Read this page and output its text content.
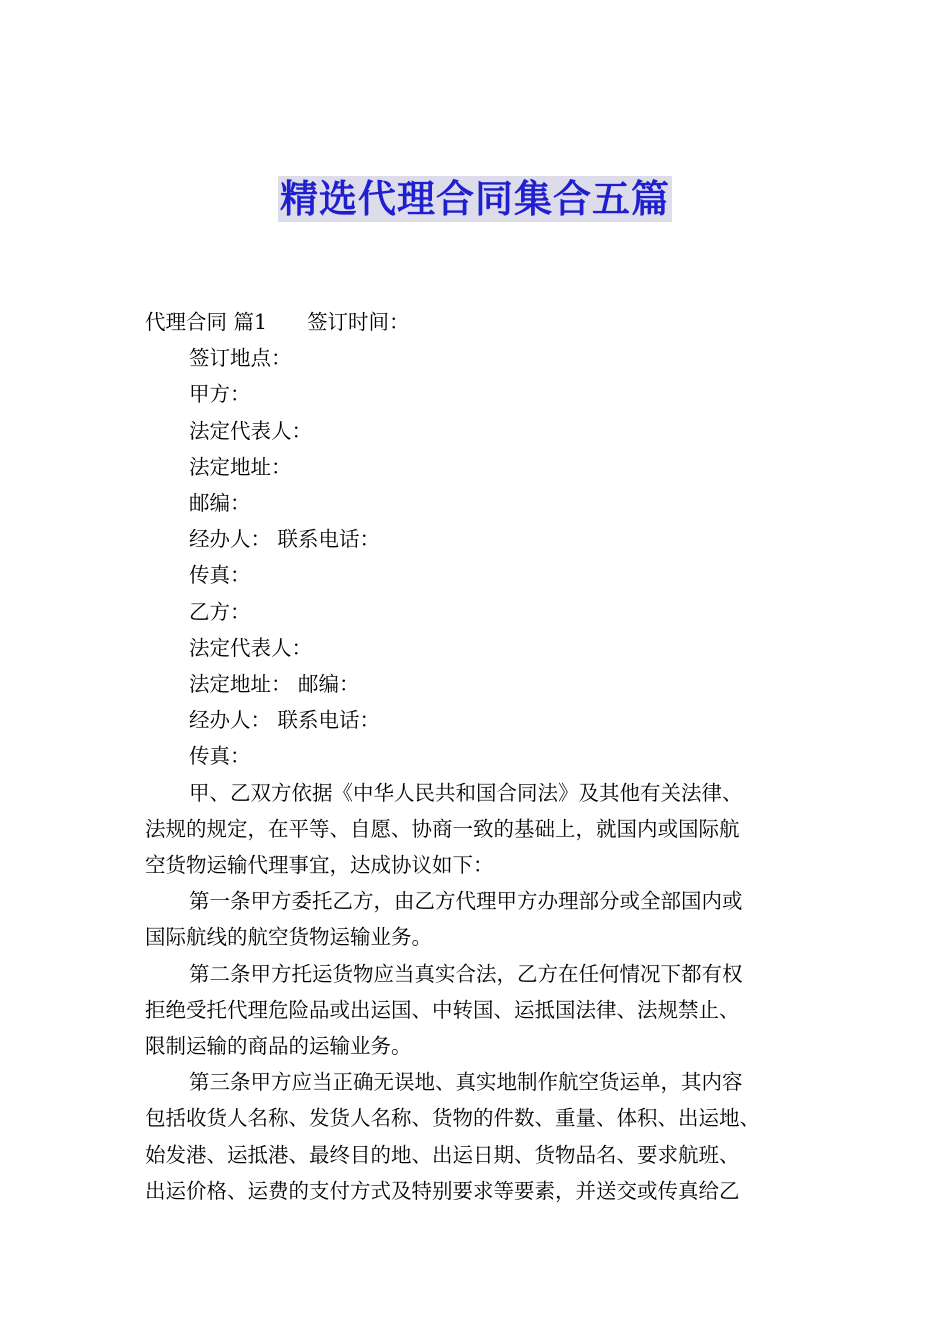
精选代理合同集合五篇

代理合同 篇1 签订时间：

签订地点：

甲方：

法定代表人：

法定地址：

邮编：

经办人： 联系电话：

传真：

乙方：

法定代表人：

法定地址： 邮编：

经办人： 联系电话：

传真：

甲、乙双方依据《中华人民共和国合同法》及其他有关法律、
法规的规定，在平等、自愿、协商一致的基础上，就国内或国际航
空货物运输代理事宜，达成协议如下：
第一条甲方委托乙方，由乙方代理甲方办理部分或全部国内或
国际航线的航空货物运输业务。
第二条甲方托运货物应当真实合法，乙方在任何情况下都有权
拒绝受托代理危险品或出运国、中转国、运抵国法律、法规禁止、
限制运输的商品的运输业务。
第三条甲方应当正确无误地、真实地制作航空货运单，其内容
包括收货人名称、发货人名称、货物的件数、重量、体积、出运地、
始发港、运抵港、最终目的地、出运日期、货物品名、要求航班、
出运价格、运费的支付方式及特别要求等要素，并送交或传真给乙
